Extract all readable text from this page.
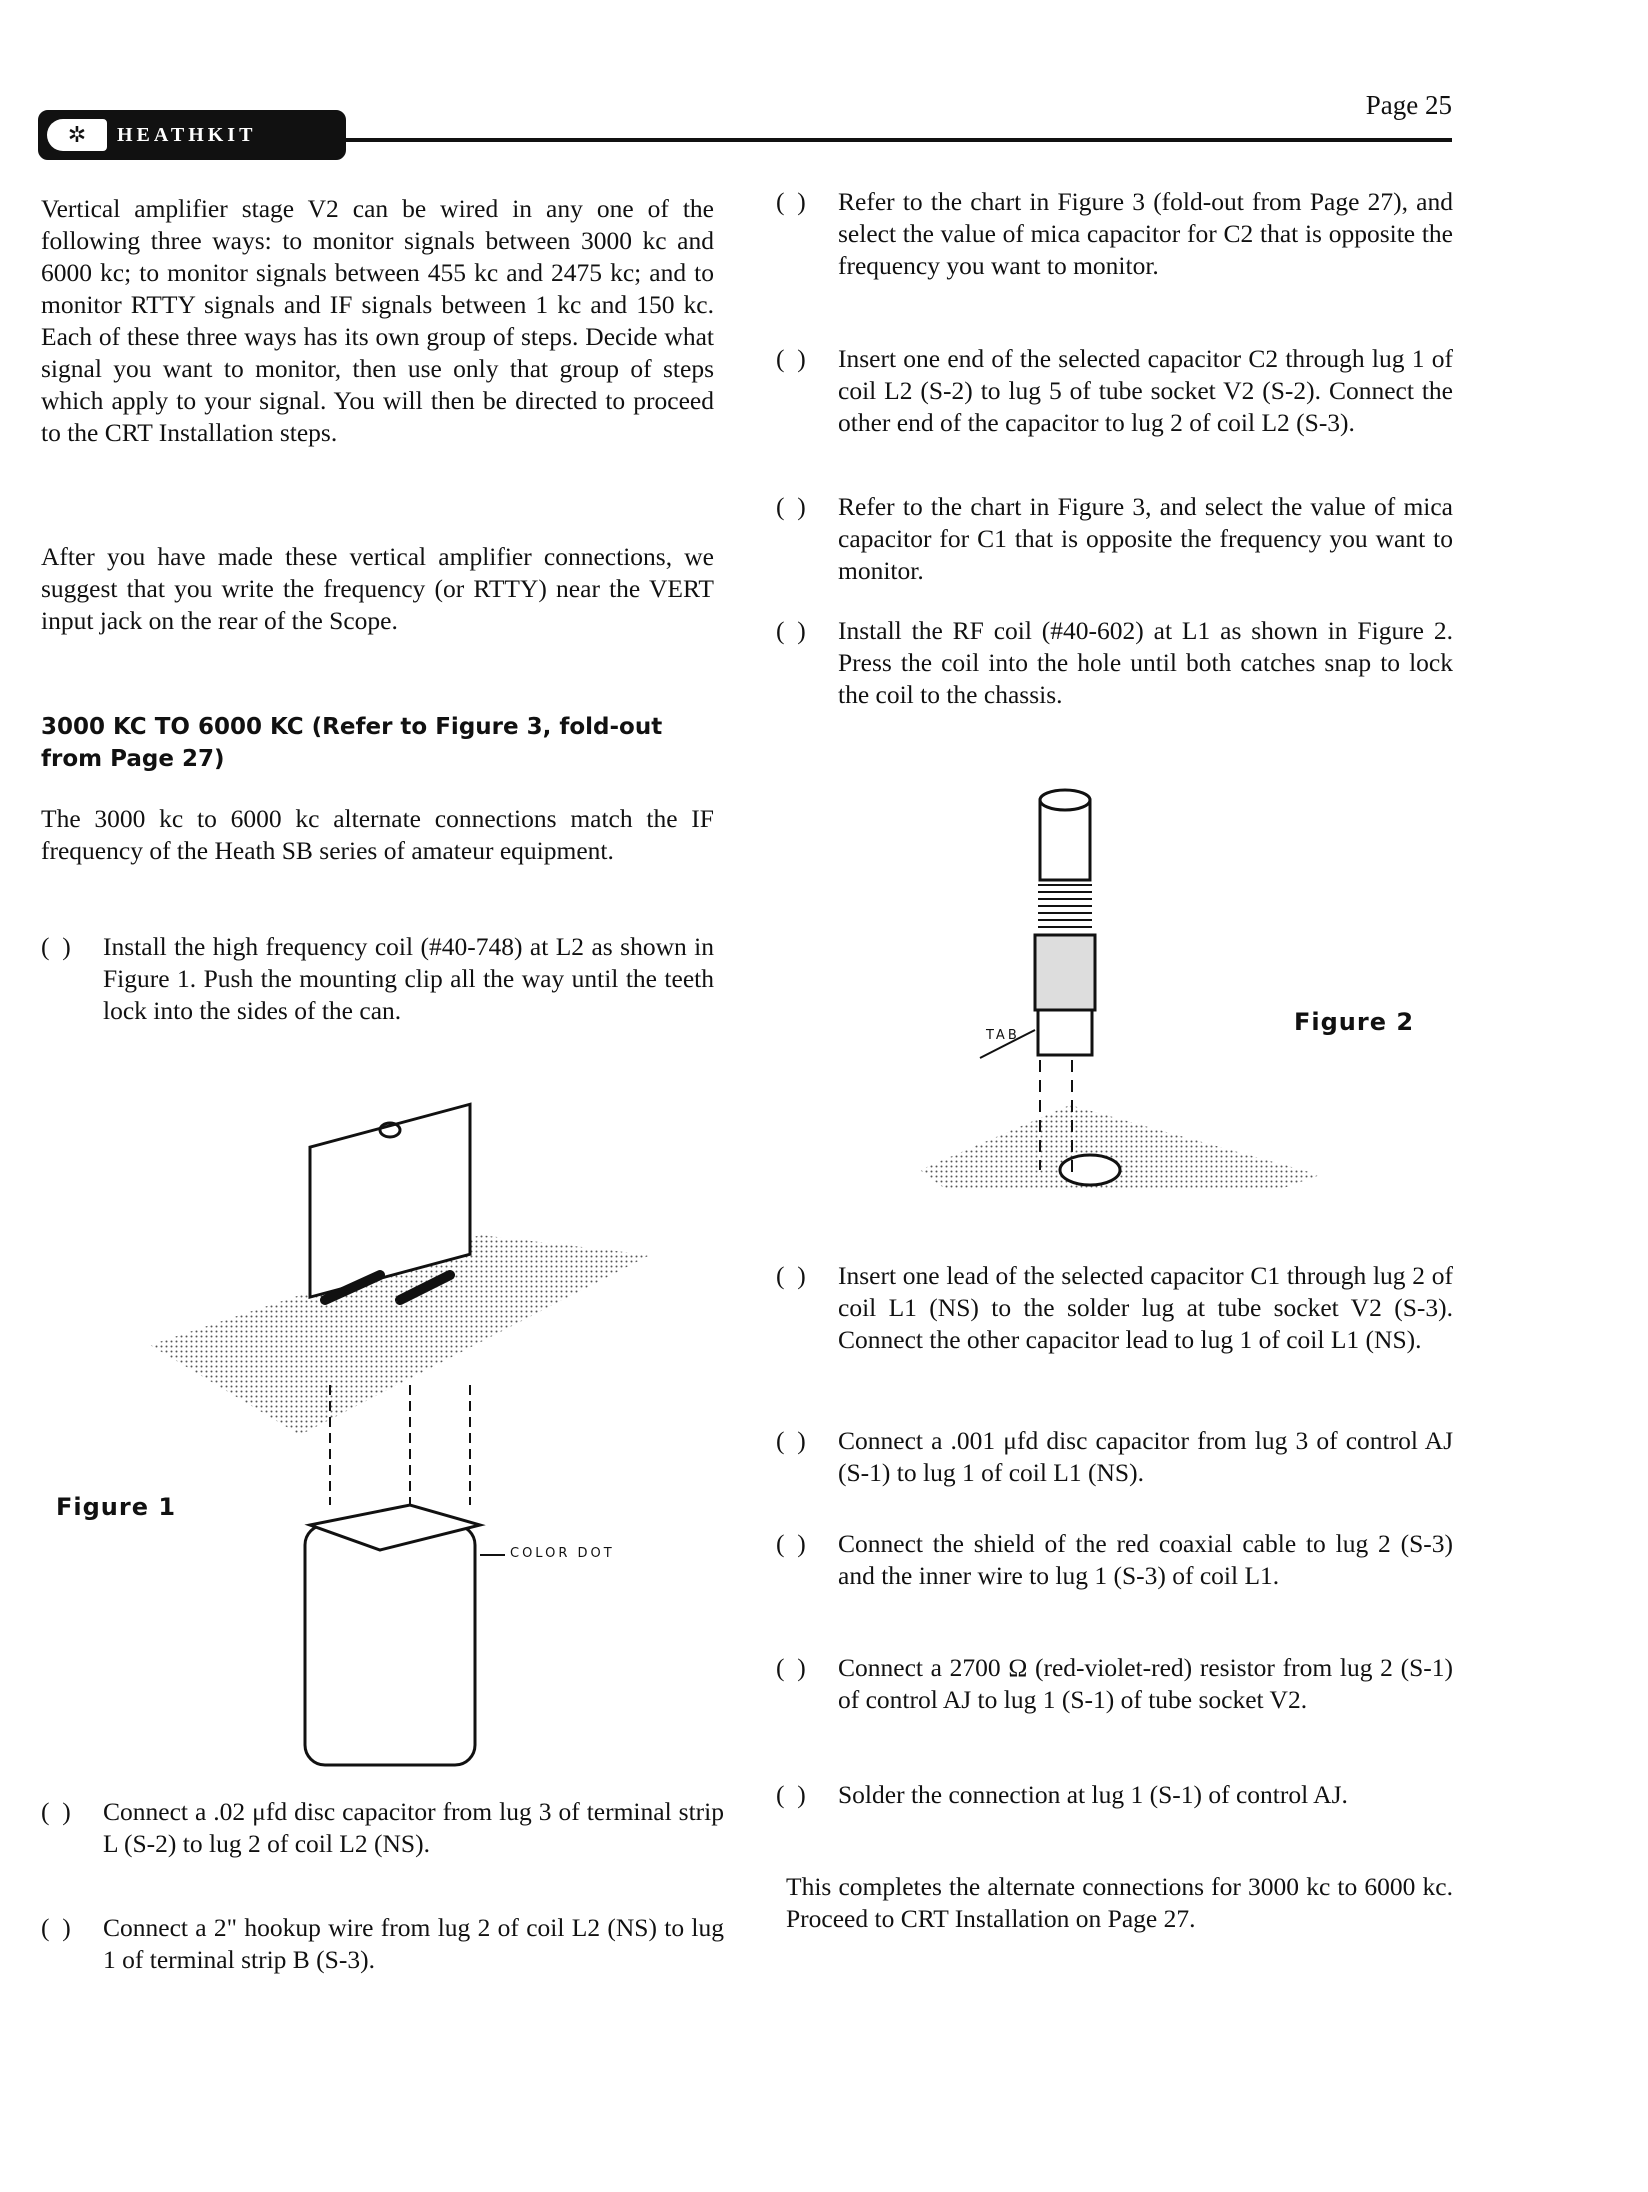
✲	HEATHKIT
Page 25

Vertical amplifier stage V2 can be wired in any one of the following three ways: to monitor signals between 3000 kc and 6000 kc; to monitor signals between 455 kc and 2475 kc; and to monitor RTTY signals and IF signals between 1 kc and 150 kc. Each of these three ways has its own group of steps. Decide what signal you want to monitor, then use only that group of steps which apply to your signal. You will then be directed to proceed to the CRT Installation steps.

After you have made these vertical amplifier connections, we suggest that you write the frequency (or RTTY) near the VERT input jack on the rear of the Scope.

3000 KC TO 6000 KC (Refer to Figure 3, fold-out from Page 27)

The 3000 kc to 6000 kc alternate connections match the IF frequency of the Heath SB series of amateur equipment.

(  )	Install the high frequency coil (#40-748) at L2 as shown in Figure 1. Push the mounting clip all the way until the teeth lock into the sides of the can.
Figure 1
COLOR DOT
(  )	Connect a .02 μfd disc capacitor from lug 3 of terminal strip L (S-2) to lug 2 of coil L2 (NS).
(  )	Connect a 2" hookup wire from lug 2 of coil L2 (NS) to lug 1 of terminal strip B (S-3).
(  )	Refer to the chart in Figure 3 (fold-out from Page 27), and select the value of mica capacitor for C2 that is opposite the frequency you want to monitor.
(  )	Insert one end of the selected capacitor C2 through lug 1 of coil L2 (S-2) to lug 5 of tube socket V2 (S-2). Connect the other end of the capacitor to lug 2 of coil L2 (S-3).
(  )	Refer to the chart in Figure 3, and select the value of mica capacitor for C1 that is opposite the frequency you want to monitor.
(  )	Install the RF coil (#40-602) at L1 as shown in Figure 2. Press the coil into the hole until both catches snap to lock the coil to the chassis.
TAB	Figure 2
(  )	Insert one lead of the selected capacitor C1 through lug 2 of coil L1 (NS) to the solder lug at tube socket V2 (S-3). Connect the other capacitor lead to lug 1 of coil L1 (NS).
(  )	Connect a .001 μfd disc capacitor from lug 3 of control AJ (S-1) to lug 1 of coil L1 (NS).
(  )	Connect the shield of the red coaxial cable to lug 2 (S-3) and the inner wire to lug 1 (S-3) of coil L1.
(  )	Connect a 2700 Ω (red-violet-red) resistor from lug 2 (S-1) of control AJ to lug 1 (S-1) of tube socket V2.
(  )	Solder the connection at lug 1 (S-1) of control AJ.

This completes the alternate connections for 3000 kc to 6000 kc. Proceed to CRT Installation on Page 27.
